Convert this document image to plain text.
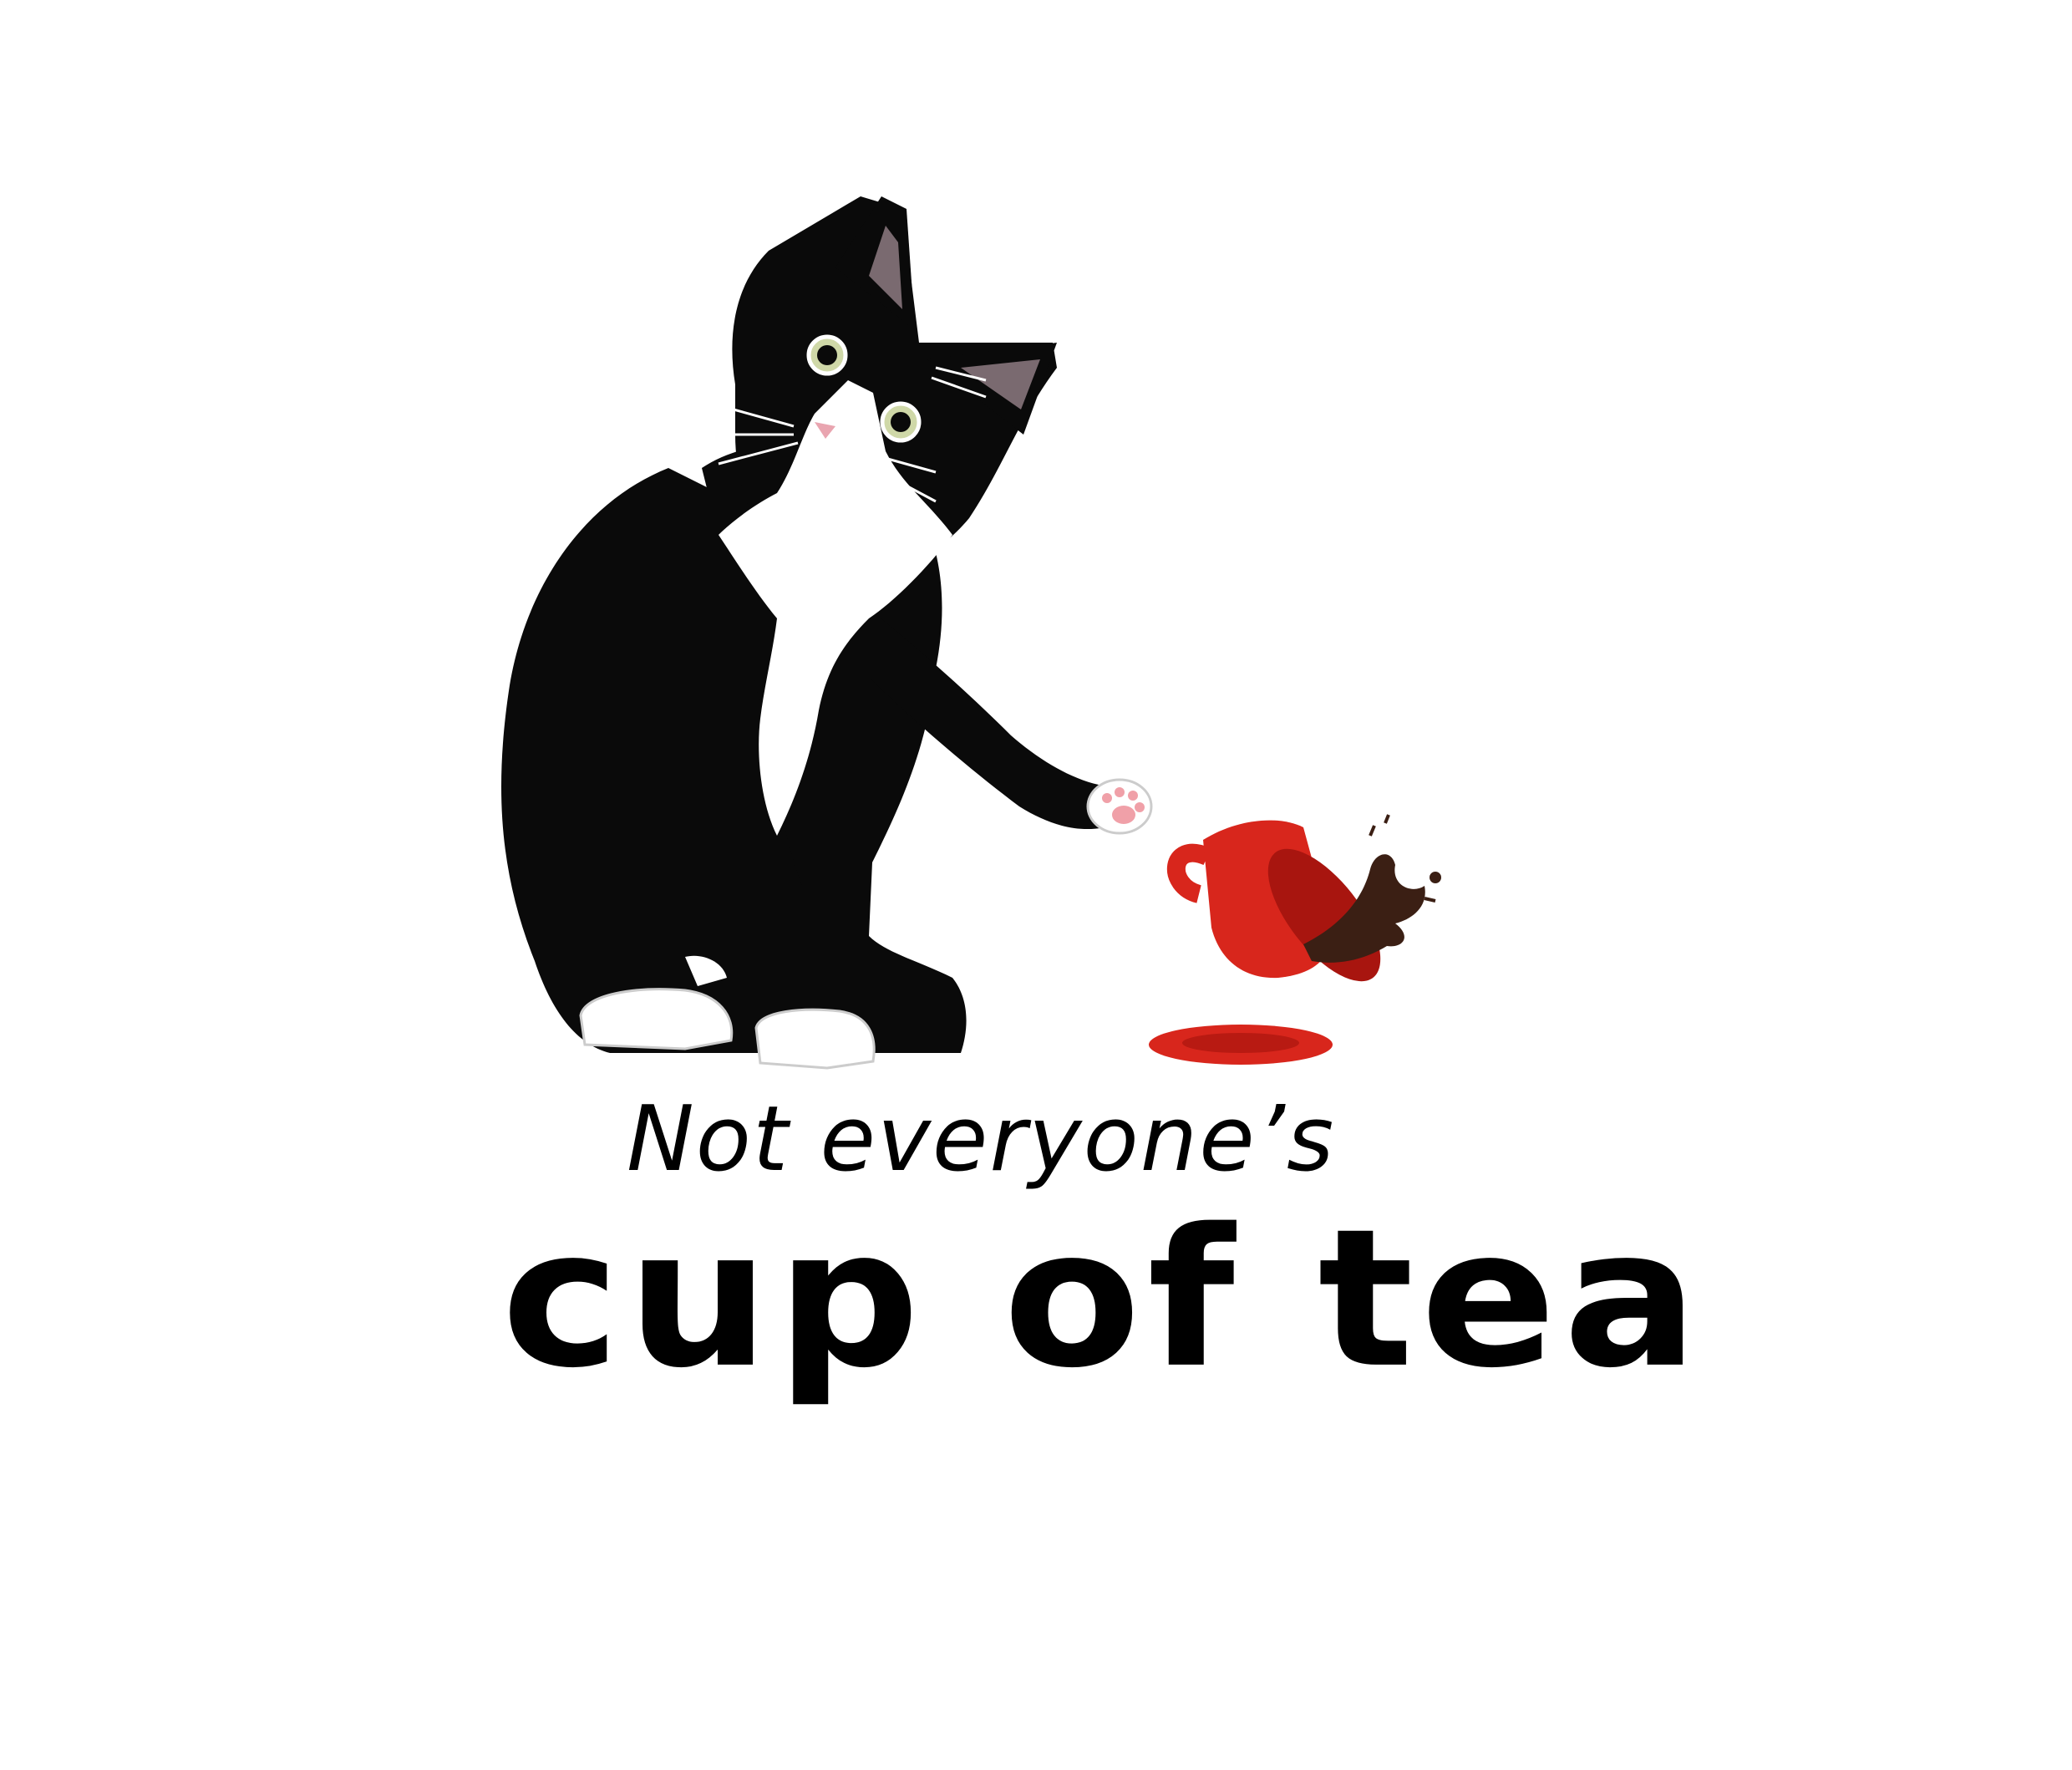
Not everyone’s

cup of tea
